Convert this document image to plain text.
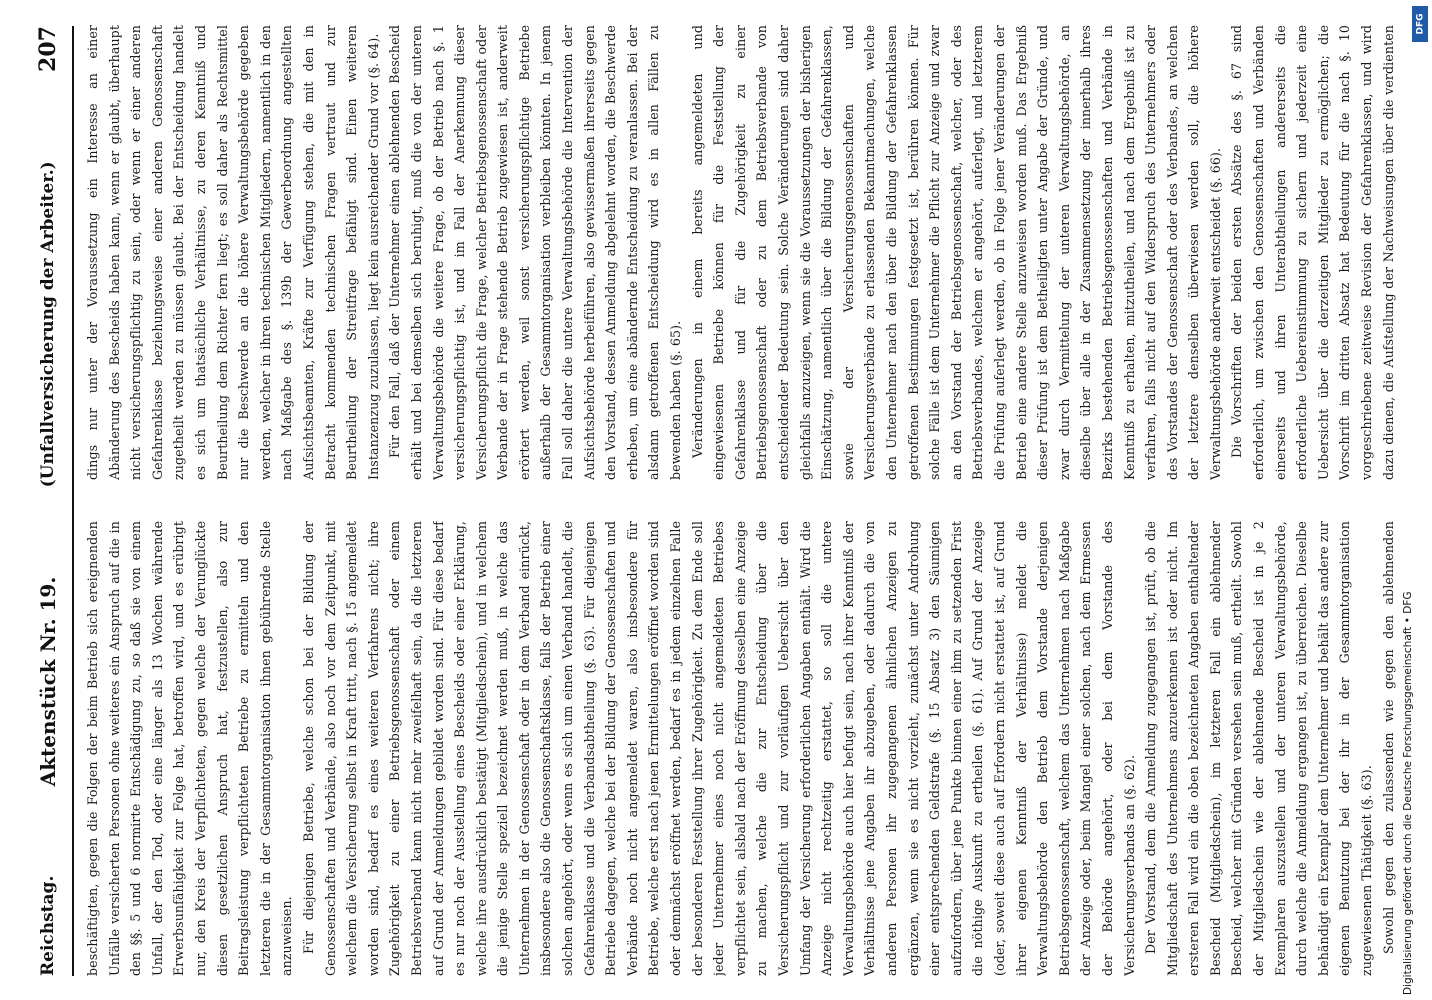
Reichstag.
Aktenstück Nr. 19.
(Unfallversicherung der Arbeiter.)
207

beschäftigten, gegen die Folgen der beim Betrieb sich ereignenden Unfälle versicherten Personen ohne weiteres ein Anspruch auf die in den §§. 5 und 6 normirte Entschädigung zu, so daß sie von einem Unfall, der den Tod, oder eine länger als 13 Wochen währende Erwerbsunfähigkeit zur Folge hat, betroffen wird, und es erübrigt nur, den Kreis der Verpflichteten, gegen welche der Verunglückte diesen gesetzlichen Anspruch hat, festzustellen, also zur Beitragsleistung verpflichteten Betriebe zu ermitteln und den letzteren die in der Gesammtorganisation ihnen gebührende Stelle anzuweisen. Für diejenigen Betriebe, welche schon bei der Bildung der Genossenschaften und Verbände, also noch vor dem Zeitpunkt, mit welchem die Versicherung selbst in Kraft tritt, nach §. 15 angemeldet worden sind, bedarf es eines weiteren Verfahrens nicht; ihre Zugehörigkeit zu einer Betriebsgenossenschaft oder einem Betriebsverband kann nicht mehr zweifelhaft sein, da die letzteren auf Grund der Anmeldungen gebildet worden sind. Für diese bedarf es nur noch der Ausstellung eines Bescheids oder einer Erklärung, welche ihre ausdrücklich bestätigt (Mitgliedschein), und in welchem die jenige Stelle speziell bezeichnet werden muß, in welche das Unternehmen in der Genossenschaft oder in dem Verband einrückt, insbesondere also die Genossenschaftsklasse, falls der Betrieb einer solchen angehört, oder wenn es sich um einen Verband handelt, die Gefahrenklasse und die Verbandsabtheilung (§. 63). Für diejenigen Betriebe dagegen, welche bei der Bildung der Genossenschaften und Verbände noch nicht angemeldet waren, also insbesondere für Betriebe, welche erst nach jenen Ermittelungen eröffnet worden sind oder demnächst eröffnet werden, bedarf es in jedem einzelnen Falle der besonderen Feststellung ihrer Zugehörigkeit. Zu dem Ende soll jeder Unternehmer eines noch nicht angemeldeten Betriebes verpflichtet sein, alsbald nach der Eröffnung desselben eine Anzeige zu machen, welche die zur Entscheidung über die Versicherungspflicht und zur vorläufigen Uebersicht über den Umfang der Versicherung erforderlichen Angaben enthält. Wird die Anzeige nicht rechtzeitig erstattet, so soll die untere Verwaltungsbehörde auch hier befugt sein, nach ihrer Kenntniß der Verhältnisse jene Angaben ihr abzugeben, oder dadurch die von anderen Personen ihr zugegangenen ähnlichen Anzeigen zu ergänzen, wenn sie es nicht vorzieht, zunächst unter Androhung einer entsprechenden Geldstrafe (§. 15 Absatz 3) den Säumigen aufzufordern, über jene Punkte binnen einer ihm zu setzenden Frist die nöthige Auskunft zu ertheilen (§. 61). Auf Grund der Anzeige (oder, soweit diese auch auf Erfordern nicht erstattet ist, auf Grund ihrer eigenen Kenntniß der Verhältnisse) meldet die Verwaltungsbehörde den Betrieb dem Vorstande derjenigen Betriebsgenossenschaft, welchem das Unternehmen nach Maßgabe der Anzeige oder, beim Mangel einer solchen, nach dem Ermessen der Behörde angehört, oder bei dem Vorstande des Versicherungsverbands an (§. 62). Der Vorstand, dem die Anmeldung zugegangen ist, prüft, ob die Mitgliedschaft des Unternehmens anzuerkennen ist oder nicht. Im ersteren Fall wird ein die oben bezeichneten Angaben enthaltender Bescheid (Mitgliedschein), im letzteren Fall ein ablehnender Bescheid, welcher mit Gründen versehen sein muß, ertheilt. Sowohl der Mitgliedschein wie der ablehnende Bescheid ist in je 2 Exemplaren auszustellen und der unteren Verwaltungsbehörde, durch welche die Anmeldung ergangen ist, zu überreichen. Dieselbe behändigt ein Exemplar dem Unternehmer und behält das andere zur eigenen Benutzung bei der ihr in der Gesammtorganisation zugewiesenen Thätigkeit (§. 63). Sowohl gegen den zulassenden wie gegen den ablehnenden

dings nur unter der Voraussetzung ein Interesse an einer Abänderung des Bescheids haben kann, wenn er glaubt, überhaupt nicht versicherungspflichtig zu sein, oder wenn er einer anderen Gefahrenklasse beziehungsweise einer anderen Genossenschaft zugetheilt werden zu müssen glaubt. Bei der Entscheidung handelt es sich um thatsächliche Verhältnisse, zu deren Kenntniß und Beurtheilung dem Richter fern liegt; es soll daher als Rechtsmittel nur die Beschwerde an die höhere Verwaltungsbehörde gegeben werden, welcher in ihren technischen Mitgliedern, namentlich in den nach Maßgabe des §. 139b der Gewerbeordnung angestellten Aufsichtsbeamten, Kräfte zur Verfügung stehen, die mit den in Betracht kommenden technischen Fragen vertraut und zur Beurtheilung der Streitfrage befähigt sind. Einen weiteren Instanzenzug zuzulassen, liegt kein ausreichender Grund vor (§. 64). Für den Fall, daß der Unternehmer einen ablehnenden Bescheid erhält und bei demselben sich beruhigt, muß die von der unteren Verwaltungsbehörde die weitere Frage, ob der Betrieb nach §. 1 versicherungspflichtig ist, und im Fall der Anerkennung dieser Versicherungspflicht die Frage, welcher Betriebsgenossenschaft oder Verbande der in Frage stehende Betrieb zugewiesen ist, anderweit erörtert werden, weil sonst versicherungspflichtige Betriebe außerhalb der Gesammtorganisation verbleiben könnten. In jenem Fall soll daher die untere Verwaltungsbehörde die Intervention der Aufsichtsbehörde herbeiführen, also gewissermaßen ihrerseits gegen den Vorstand, dessen Anmeldung abgelehnt worden, die Beschwerde erheben, um eine abändernde Entscheidung zu veranlassen. Bei der alsdann getroffenen Entscheidung wird es in allen Fällen zu bewenden haben (§. 65). Veränderungen in einem bereits angemeldeten und eingewiesenen Betriebe können für die Feststellung der Gefahrenklasse und für die Zugehörigkeit zu einer Betriebsgenossenschaft oder zu dem Betriebsverbande von entscheidender Bedeutung sein. Solche Veränderungen sind daher gleichfalls anzuzeigen, wenn sie die Voraussetzungen der bisherigen Einschätzung, namentlich über die Bildung der Gefahrenklassen, sowie der Versicherungsgenossenschaften und Versicherungsverbände zu erlassenden Bekanntmachungen, welche den Unternehmer nach den über die Bildung der Gefahrenklassen getroffenen Bestimmungen festgesetzt ist, berühren können. Für solche Fälle ist dem Unternehmer die Pflicht zur Anzeige und zwar an den Vorstand der Betriebsgenossenschaft, welcher, oder des Betriebsverbandes, welchem er angehört, auferlegt, und letzterem die Prüfung auferlegt werden, ob in Folge jener Veränderungen der Betrieb eine andere Stelle anzuweisen worden muß. Das Ergebniß dieser Prüfung ist dem Betheiligten unter Angabe der Gründe, und zwar durch Vermittelung der unteren Verwaltungsbehörde, an dieselbe über alle in der Zusammensetzung der innerhalb ihres Bezirks bestehenden Betriebsgenossenschaften und Verbände in Kenntniß zu erhalten, mitzutheilen, und nach dem Ergebniß ist zu verfahren, falls nicht auf den Widerspruch des Unternehmers oder des Vorstandes der Genossenschaft oder des Verbandes, an welchen der letztere denselben überwiesen werden soll, die höhere Verwaltungsbehörde anderweit entscheidet (§. 66). Die Vorschriften der beiden ersten Absätze des §. 67 sind erforderlich, um zwischen den Genossenschaften und Verbänden einerseits und ihren Unterabtheilungen andererseits die erforderliche Uebereinstimmung zu sichern und jederzeit eine Uebersicht über die derzeitigen Mitglieder zu ermöglichen; die Vorschrift im dritten Absatz hat Bedeutung für die nach §. 10 vorgeschriebene zeitweise Revision der Gefahrenklassen, und wird dazu dienen, die Aufstellung der Nachweisungen über die verdienten

Digitalisierung gefördert durch die Deutsche Forschungsgemeinschaft • DFG
DFG
